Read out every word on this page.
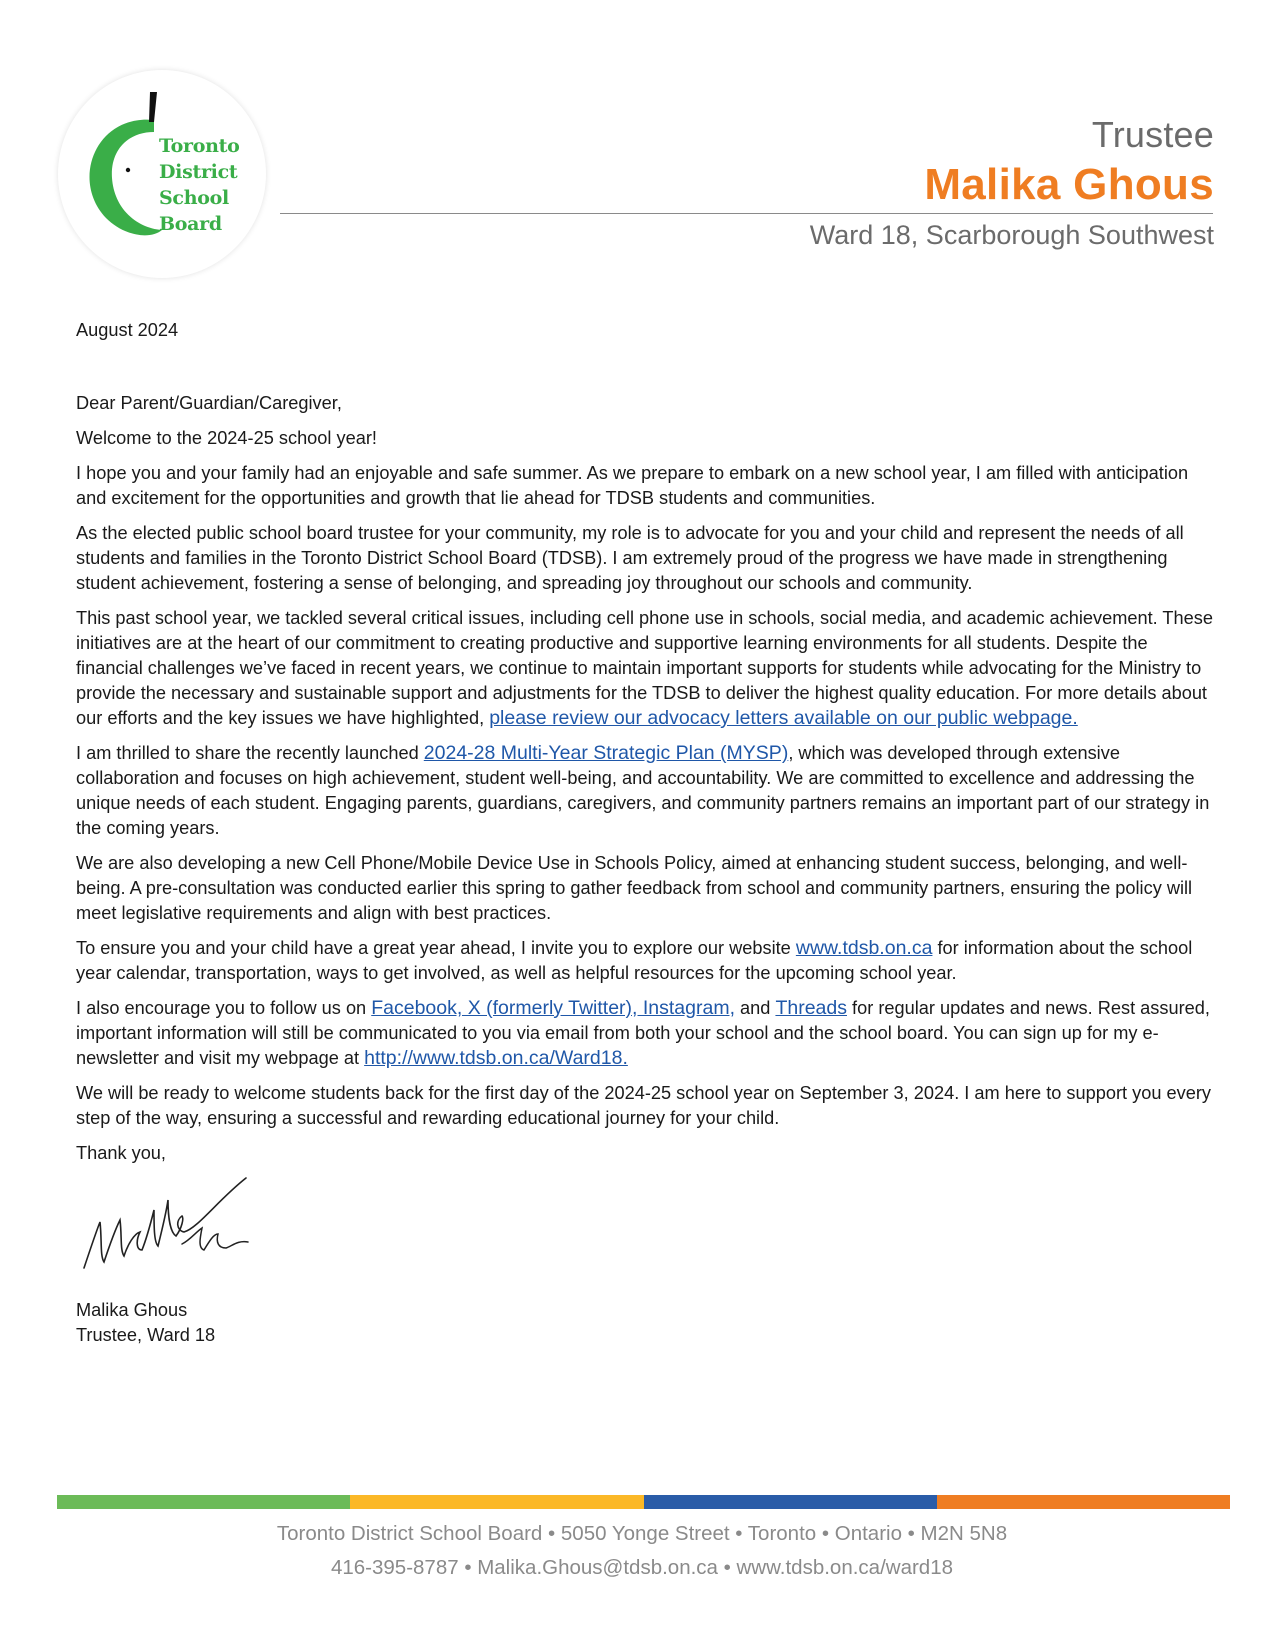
Toronto
District
School
Board
Trustee
Malika Ghous
Ward 18, Scarborough Southwest

August 2024

Dear Parent/Guardian/Caregiver,

Welcome to the 2024-25 school year!

I hope you and your family had an enjoyable and safe summer. As we prepare to embark on a new school year, I am filled with anticipation and excitement for the opportunities and growth that lie ahead for TDSB students and communities.

As the elected public school board trustee for your community, my role is to advocate for you and your child and represent the needs of all students and families in the Toronto District School Board (TDSB). I am extremely proud of the progress we have made in strengthening student achievement, fostering a sense of belonging, and spreading joy throughout our schools and community.

This past school year, we tackled several critical issues, including cell phone use in schools, social media, and academic achievement. These initiatives are at the heart of our commitment to creating productive and supportive learning environments for all students. Despite the financial challenges we’ve faced in recent years, we continue to maintain important supports for students while advocating for the Ministry to provide the necessary and sustainable support and adjustments for the TDSB to deliver the highest quality education. For more details about our efforts and the key issues we have highlighted, please review our advocacy letters available on our public webpage.

I am thrilled to share the recently launched 2024-28 Multi-Year Strategic Plan (MYSP), which was developed through extensive collaboration and focuses on high achievement, student well-being, and accountability. We are committed to excellence and addressing the unique needs of each student. Engaging parents, guardians, caregivers, and community partners remains an important part of our strategy in the coming years.

We are also developing a new Cell Phone/Mobile Device Use in Schools Policy, aimed at enhancing student success, belonging, and well-being. A pre-consultation was conducted earlier this spring to gather feedback from school and community partners, ensuring the policy will meet legislative requirements and align with best practices.

To ensure you and your child have a great year ahead, I invite you to explore our website www.tdsb.on.ca for information about the school year calendar, transportation, ways to get involved, as well as helpful resources for the upcoming school year.

I also encourage you to follow us on Facebook, X (formerly Twitter), Instagram, and Threads for regular updates and news. Rest assured, important information will still be communicated to you via email from both your school and the school board. You can sign up for my e-newsletter and visit my webpage at http://www.tdsb.on.ca/Ward18.

We will be ready to welcome students back for the first day of the 2024-25 school year on September 3, 2024. I am here to support you every step of the way, ensuring a successful and rewarding educational journey for your child.

Thank you,

Malika Ghous

Trustee, Ward 18

Toronto District School Board • 5050 Yonge Street • Toronto • Ontario • M2N 5N8
416-395-8787 • Malika.Ghous@tdsb.on.ca • www.tdsb.on.ca/ward18
